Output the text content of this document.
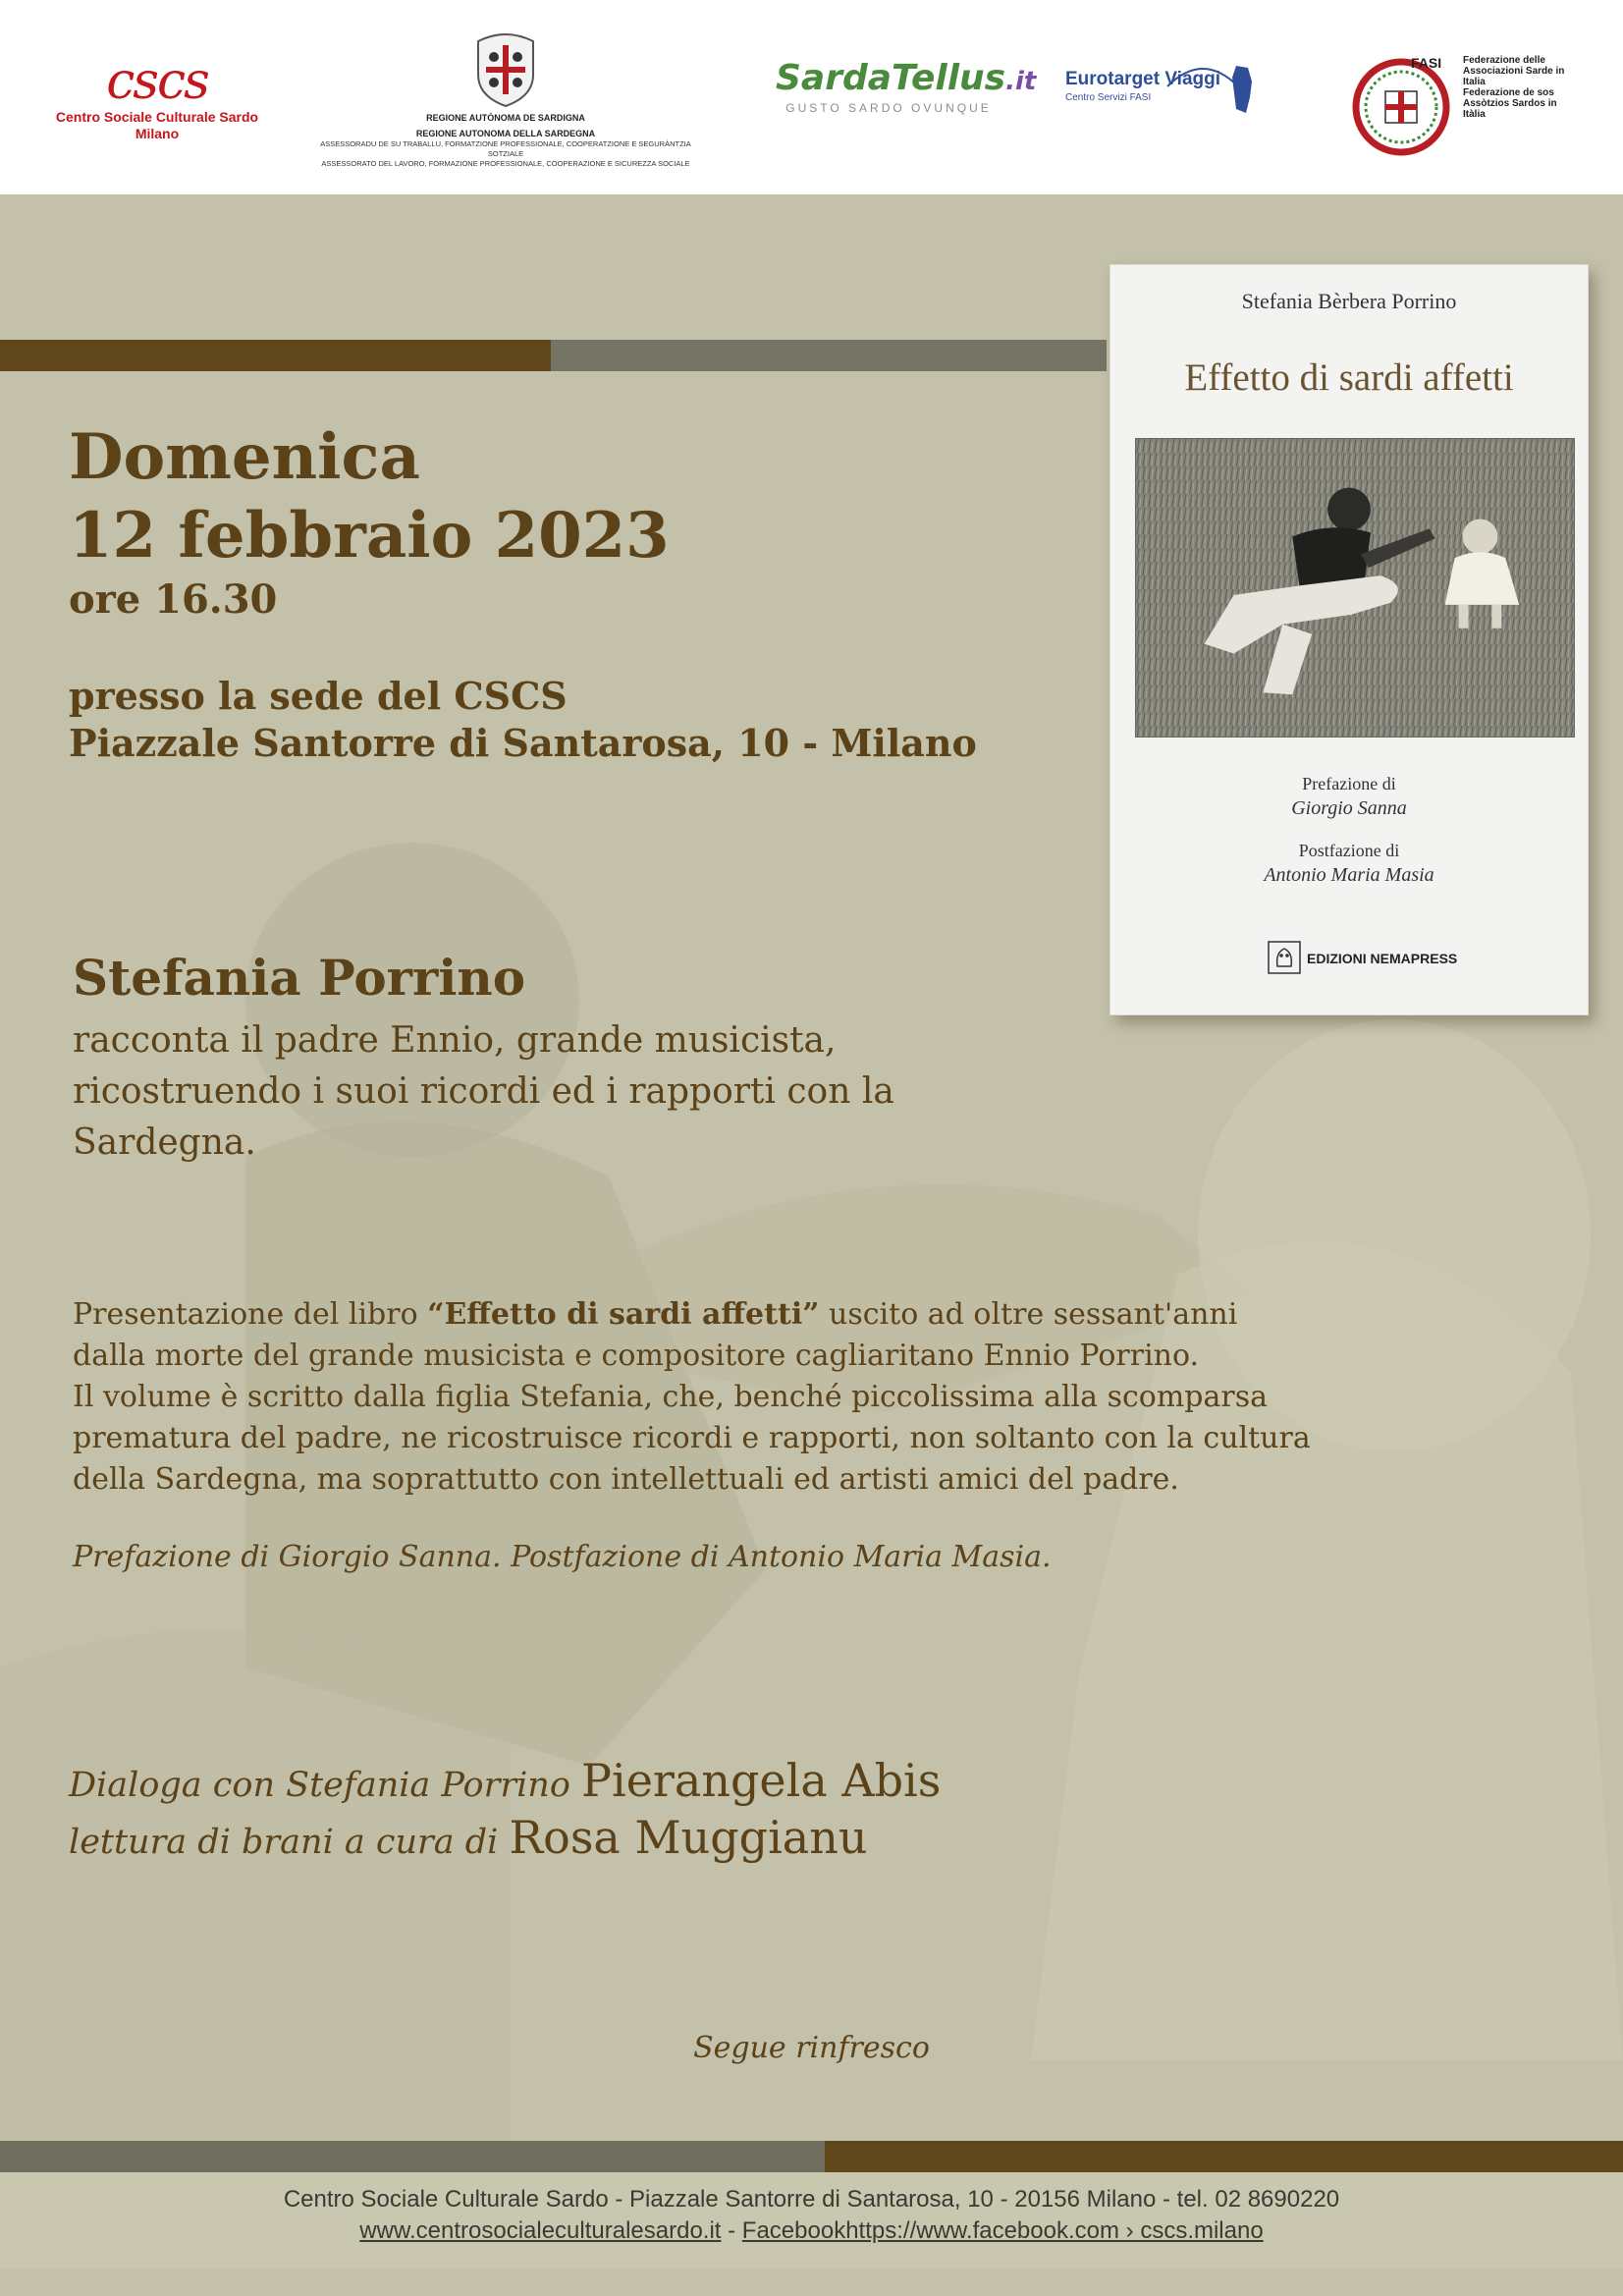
cscs
Centro Sociale Culturale Sardo
Milano
REGIONE AUTÒNOMA DE SARDIGNA
REGIONE AUTONOMA DELLA SARDEGNA
ASSESSORADU DE SU TRABALLU, FORMATZIONE PROFESSIONALE, COOPERATZIONE E SEGURÀNTZIA SOTZIALE
ASSESSORATO DEL LAVORO, FORMAZIONE PROFESSIONALE, COOPERAZIONE E SICUREZZA SOCIALE
SardaTellus.it
GUSTO SARDO OVUNQUE
Eurotarget Viaggi
Centro Servizi FASI
FASI Federazione delle Associazioni Sarde in Italia
Federazione de sos Assòtzios Sardos in Itàlia
Domenica
12 febbraio 2023
ore 16.30
presso la sede del CSCS
Piazzale Santorre di Santarosa, 10 - Milano
Stefania Porrino
racconta il padre Ennio, grande musicista, ricostruendo i suoi ricordi ed i rapporti con la Sardegna.

Presentazione del libro “Effetto di sardi affetti” uscito ad oltre sessant'anni

dalla morte del grande musicista e compositore cagliaritano Ennio Porrino.

Il volume è scritto dalla figlia Stefania, che, benché piccolissima alla scomparsa

prematura del padre, ne ricostruisce ricordi e rapporti, non soltanto con la cultura

della Sardegna, ma soprattutto con intellettuali ed artisti amici del padre.

Prefazione di Giorgio Sanna. Postfazione di Antonio Maria Masia.
Dialoga con Stefania Porrino Pierangela Abis
lettura di brani a cura di Rosa Muggianu
Segue rinfresco
Stefania Bèrbera Porrino
Effetto di sardi affetti
Prefazione di
Giorgio Sanna
Postfazione di
Antonio Maria Masia
EDIZIONI NEMAPRESS
Centro Sociale Culturale Sardo - Piazzale Santorre di Santarosa, 10 - 20156 Milano - tel. 02 8690220
www.centrosocialeculturalesardo.it - Facebookhttps://www.facebook.com › cscs.milano
